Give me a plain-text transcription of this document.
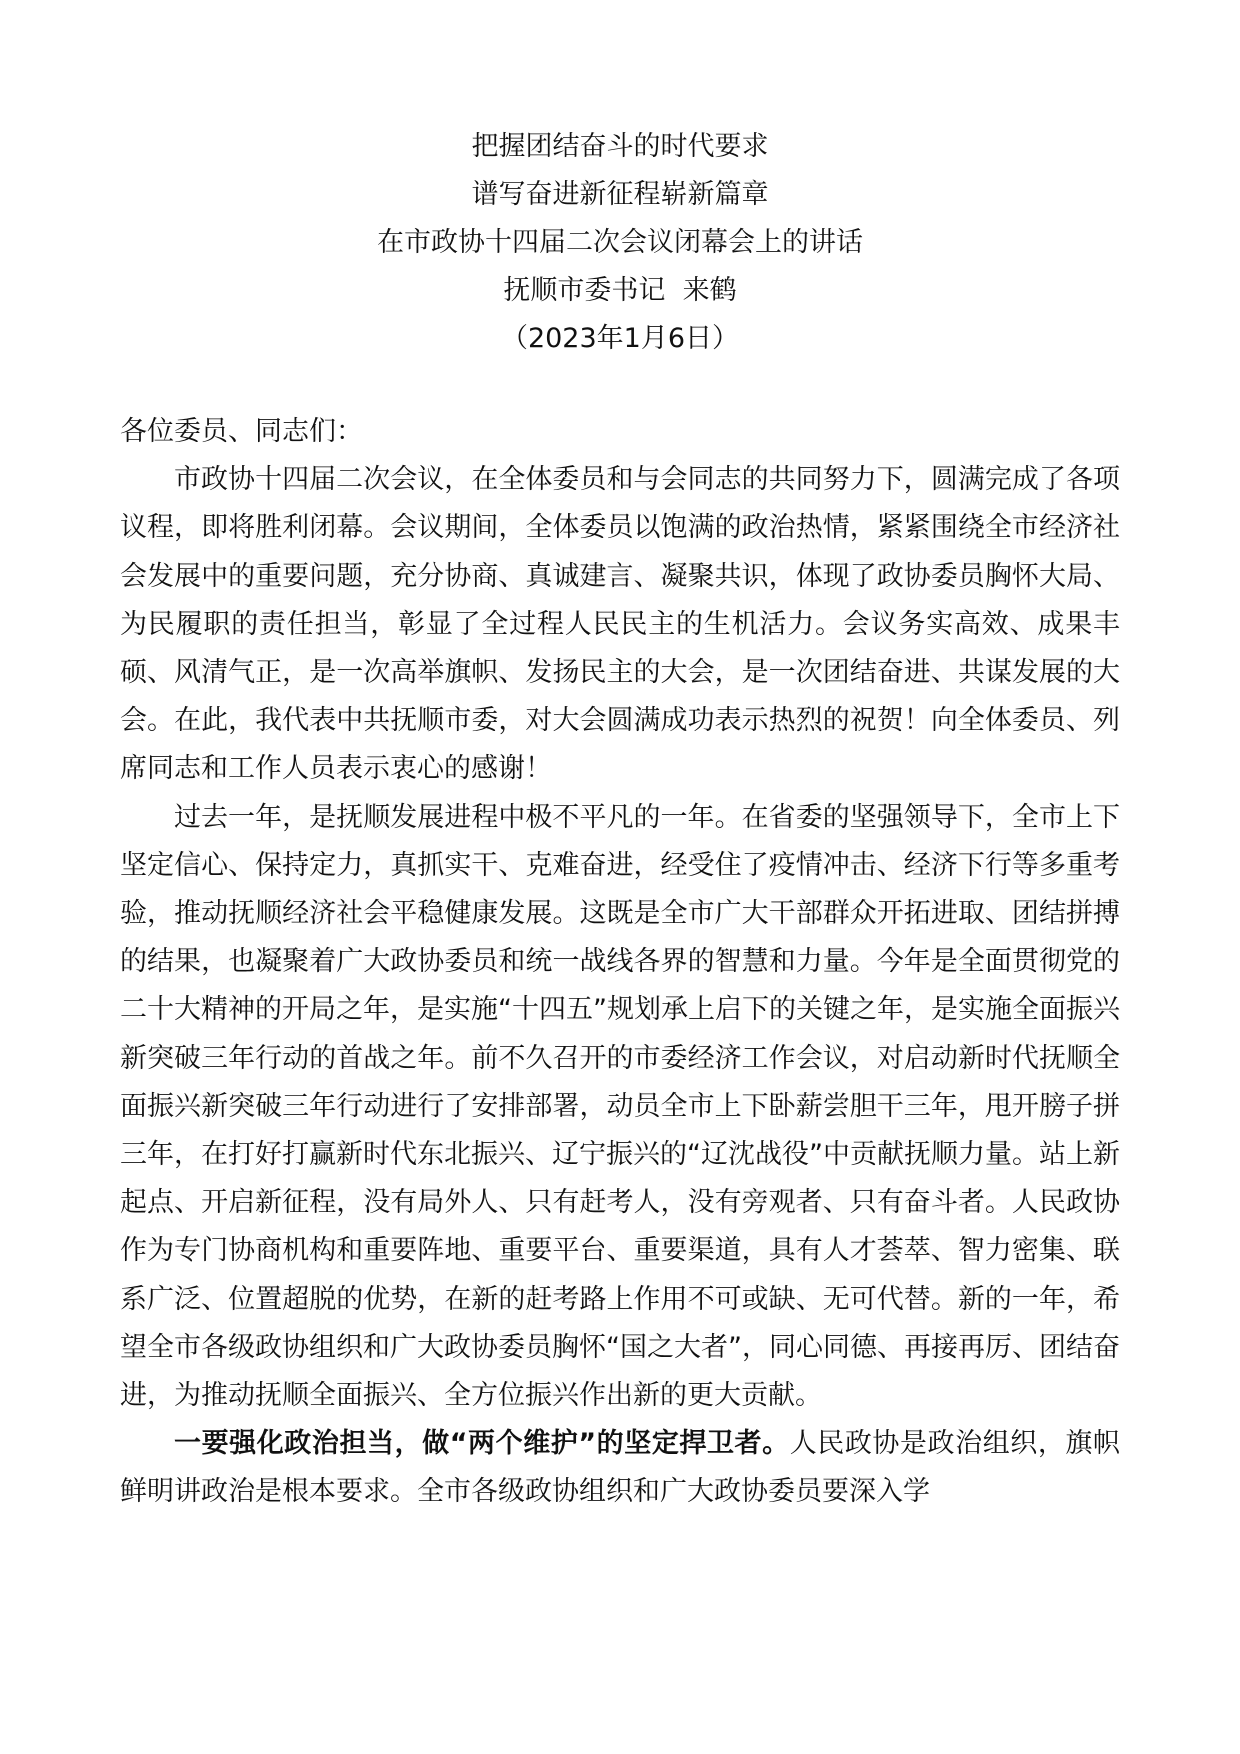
把握团结奋斗的时代要求
谱写奋进新征程崭新篇章
在市政协十四届二次会议闭幕会上的讲话
抚顺市委书记  来鹤
（2023年1月6日）

各位委员、同志们：

市政协十四届二次会议，在全体委员和与会同志的共同努力下，圆满完成了各项议程，即将胜利闭幕。会议期间，全体委员以饱满的政治热情，紧紧围绕全市经济社会发展中的重要问题，充分协商、真诚建言、凝聚共识，体现了政协委员胸怀大局、为民履职的责任担当，彰显了全过程人民民主的生机活力。会议务实高效、成果丰硕、风清气正，是一次高举旗帜、发扬民主的大会，是一次团结奋进、共谋发展的大会。在此，我代表中共抚顺市委，对大会圆满成功表示热烈的祝贺！向全体委员、列席同志和工作人员表示衷心的感谢！

过去一年，是抚顺发展进程中极不平凡的一年。在省委的坚强领导下，全市上下坚定信心、保持定力，真抓实干、克难奋进，经受住了疫情冲击、经济下行等多重考验，推动抚顺经济社会平稳健康发展。这既是全市广大干部群众开拓进取、团结拼搏的结果，也凝聚着广大政协委员和统一战线各界的智慧和力量。今年是全面贯彻党的二十大精神的开局之年，是实施“十四五”规划承上启下的关键之年，是实施全面振兴新突破三年行动的首战之年。前不久召开的市委经济工作会议，对启动新时代抚顺全面振兴新突破三年行动进行了安排部署，动员全市上下卧薪尝胆干三年，甩开膀子拼三年，在打好打赢新时代东北振兴、辽宁振兴的“辽沈战役”中贡献抚顺力量。站上新起点、开启新征程，没有局外人、只有赶考人，没有旁观者、只有奋斗者。人民政协作为专门协商机构和重要阵地、重要平台、重要渠道，具有人才荟萃、智力密集、联系广泛、位置超脱的优势，在新的赶考路上作用不可或缺、无可代替。新的一年，希望全市各级政协组织和广大政协委员胸怀“国之大者”，同心同德、再接再厉、团结奋进，为推动抚顺全面振兴、全方位振兴作出新的更大贡献。

一要强化政治担当，做“两个维护”的坚定捍卫者。人民政协是政治组织，旗帜鲜明讲政治是根本要求。全市各级政协组织和广大政协委员要深入学
